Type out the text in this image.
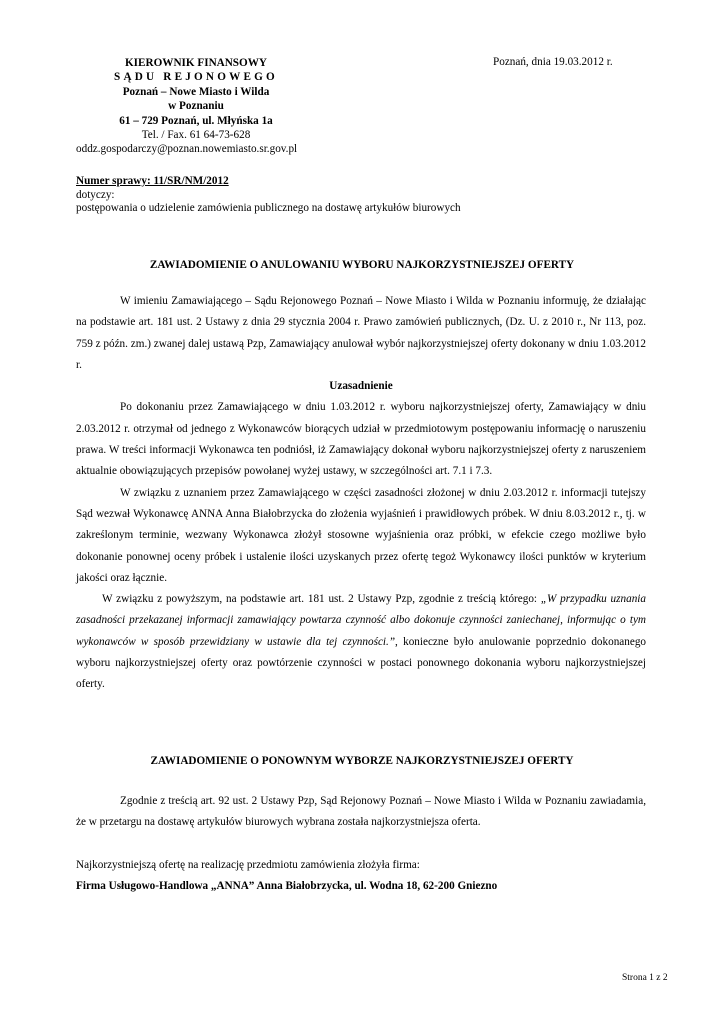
KIEROWNIK FINANSOWY
SĄDU REJONOWEGO
Poznań – Nowe Miasto i Wilda
w Poznaniu
61 – 729 Poznań, ul. Młyńska 1a
Tel. / Fax. 61 64-73-628
oddz.gospodarczy@poznan.nowemiasto.sr.gov.pl
Poznań, dnia 19.03.2012 r.
Numer sprawy: 11/SR/NM/2012
dotyczy:
postępowania o udzielenie zamówienia publicznego na dostawę artykułów biurowych
ZAWIADOMIENIE O ANULOWANIU WYBORU NAJKORZYSTNIEJSZEJ OFERTY

W imieniu Zamawiającego – Sądu Rejonowego Poznań – Nowe Miasto i Wilda w Poznaniu informuję, że działając na podstawie art. 181 ust. 2 Ustawy z dnia 29 stycznia 2004 r. Prawo zamówień publicznych, (Dz. U. z 2010 r., Nr 113, poz. 759 z późn. zm.) zwanej dalej ustawą Pzp, Zamawiający anulował wybór najkorzystniejszej oferty dokonany w dniu 1.03.2012 r.

Uzasadnienie

Po dokonaniu przez Zamawiającego w dniu 1.03.2012 r. wyboru najkorzystniejszej oferty, Zamawiający w dniu 2.03.2012 r. otrzymał od jednego z Wykonawców biorących udział w przedmiotowym postępowaniu informację o naruszeniu prawa. W treści informacji Wykonawca ten podniósł, iż Zamawiający dokonał wyboru najkorzystniejszej oferty z naruszeniem aktualnie obowiązujących przepisów powołanej wyżej ustawy, w szczególności art. 7.1 i 7.3.

W związku z uznaniem przez Zamawiającego w części zasadności złożonej w dniu 2.03.2012 r. informacji tutejszy Sąd wezwał Wykonawcę ANNA Anna Białobrzycka do złożenia wyjaśnień i prawidłowych próbek. W dniu 8.03.2012 r., tj. w zakreślonym terminie, wezwany Wykonawca złożył stosowne wyjaśnienia oraz próbki, w efekcie czego możliwe było dokonanie ponownej oceny próbek i ustalenie ilości uzyskanych przez ofertę tegoż Wykonawcy ilości punktów w kryterium jakości oraz łącznie.

W związku z powyższym, na podstawie art. 181 ust. 2 Ustawy Pzp, zgodnie z treścią którego: „W przypadku uznania zasadności przekazanej informacji zamawiający powtarza czynność albo dokonuje czynności zaniechanej, informując o tym wykonawców w sposób przewidziany w ustawie dla tej czynności.”, konieczne było anulowanie poprzednio dokonanego wyboru najkorzystniejszej oferty oraz powtórzenie czynności w postaci ponownego dokonania wyboru najkorzystniejszej oferty.

ZAWIADOMIENIE O PONOWNYM WYBORZE NAJKORZYSTNIEJSZEJ OFERTY

Zgodnie z treścią art. 92 ust. 2 Ustawy Pzp, Sąd Rejonowy Poznań – Nowe Miasto i Wilda w Poznaniu zawiadamia, że w przetargu na dostawę artykułów biurowych wybrana została najkorzystniejsza oferta.

Najkorzystniejszą ofertę na realizację przedmiotu zamówienia złożyła firma:

Firma Usługowo-Handlowa „ANNA” Anna Białobrzycka, ul. Wodna 18, 62-200 Gniezno

Strona 1 z 2
